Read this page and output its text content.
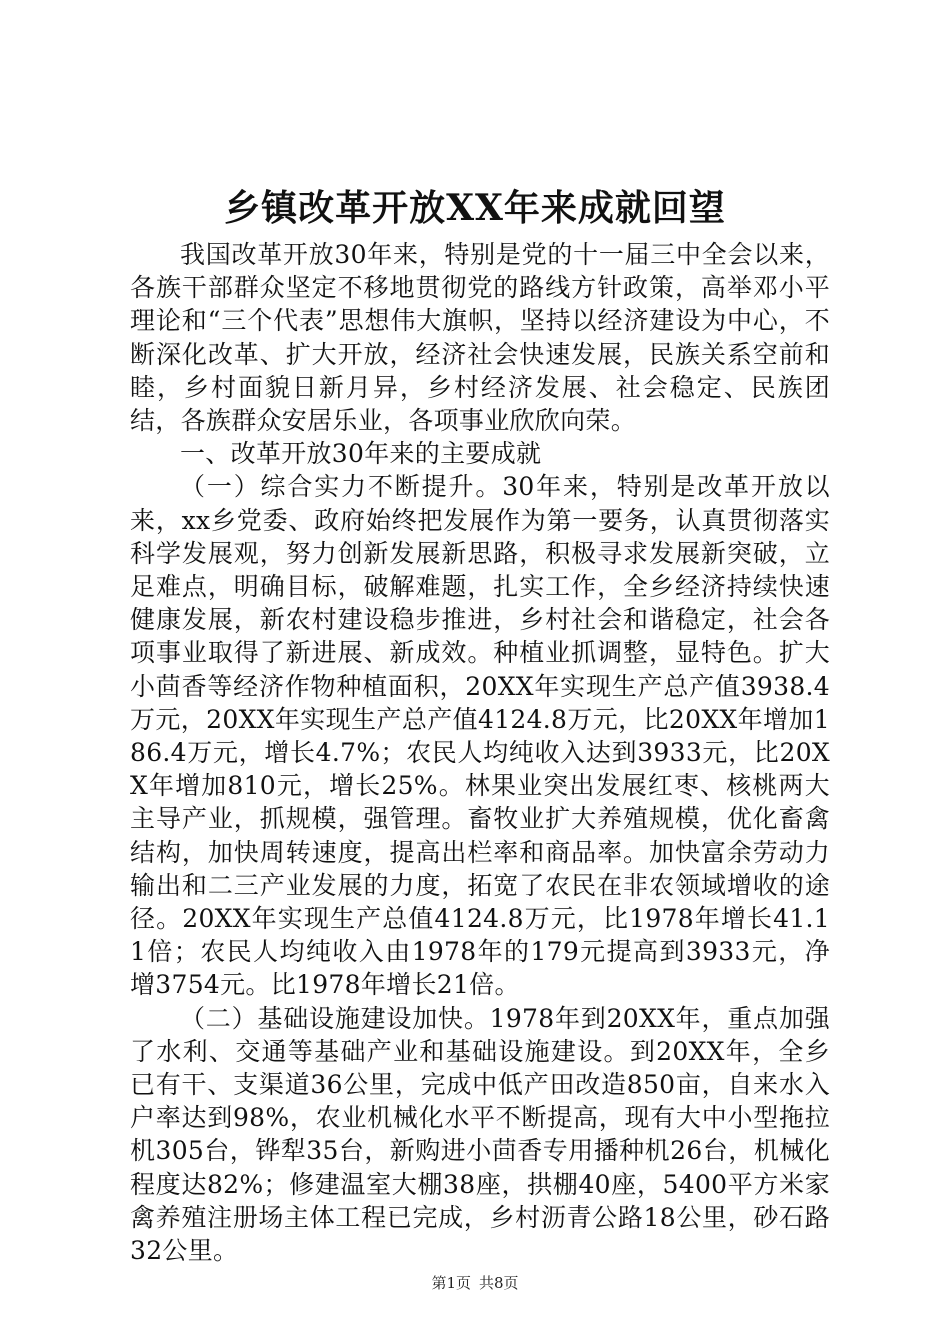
乡镇改革开放XX年来成就回望

我国改革开放30年来，特别是党的十一届三中全会以来，各族干部群众坚定不移地贯彻党的路线方针政策，高举邓小平理论和“三个代表”思想伟大旗帜，坚持以经济建设为中心，不断深化改革、扩大开放，经济社会快速发展，民族关系空前和睦，乡村面貌日新月异，乡村经济发展、社会稳定、民族团结，各族群众安居乐业，各项事业欣欣向荣。

一、改革开放30年来的主要成就

（一）综合实力不断提升。30年来，特别是改革开放以来，xx乡党委、政府始终把发展作为第一要务，认真贯彻落实科学发展观，努力创新发展新思路，积极寻求发展新突破，立足难点，明确目标，破解难题，扎实工作，全乡经济持续快速健康发展，新农村建设稳步推进，乡村社会和谐稳定，社会各项事业取得了新进展、新成效。种植业抓调整，显特色。扩大小茴香等经济作物种植面积，20XX年实现生产总产值3938.4万元，20XX年实现生产总产值4124.8万元，比20XX年增加186.4万元，增长4.7%；农民人均纯收入达到3933元，比20XX年增加810元，增长25%。林果业突出发展红枣、核桃两大主导产业，抓规模，强管理。畜牧业扩大养殖规模，优化畜禽结构，加快周转速度，提高出栏率和商品率。加快富余劳动力输出和二三产业发展的力度，拓宽了农民在非农领域增收的途径。20XX年实现生产总值4124.8万元，比1978年增长41.11倍；农民人均纯收入由1978年的179元提高到3933元，净增3754元。比1978年增长21倍。

（二）基础设施建设加快。1978年到20XX年，重点加强了水利、交通等基础产业和基础设施建设。到20XX年，全乡已有干、支渠道36公里，完成中低产田改造850亩，自来水入户率达到98%，农业机械化水平不断提高，现有大中小型拖拉机305台，铧犁35台，新购进小茴香专用播种机26台，机械化程度达82%；修建温室大棚38座，拱棚40座，5400平方米家禽养殖注册场主体工程已完成，乡村沥青公路18公里，砂石路32公里。

第1页 共8页
